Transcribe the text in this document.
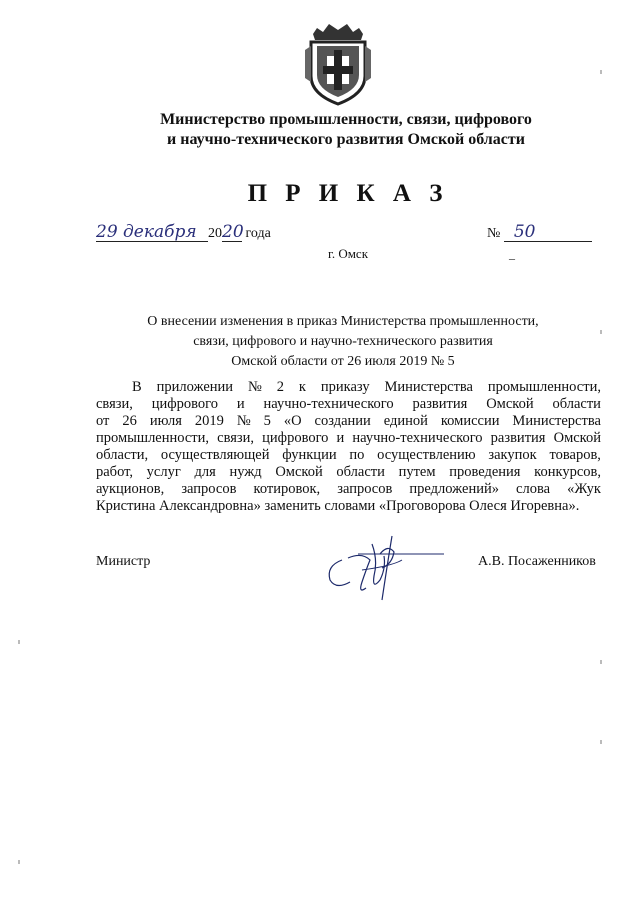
Министерство промышленности, связи, цифрового
и научно-технического развития Омской области
П Р И К А З
29 декабря 2020 года	№ 50
г. Омск	_
О внесении изменения в приказ Министерства промышленности,
связи, цифрового и научно-технического развития
Омской области от 26 июля 2019 № 5
В приложении № 2 к приказу Министерства промышленности,
связи, цифрового и научно-технического развития Омской области
от 26 июля 2019 № 5 «О создании единой комиссии Министерства
промышленности, связи, цифрового и научно-технического развития Омской
области, осуществляющей функции по осуществлению закупок товаров,
работ, услуг для нужд Омской области путем проведения конкурсов,
аукционов, запросов котировок, запросов предложений» слова «Жук
Кристина Александровна» заменить словами «Проговорова Олеся Игоревна».
Министр	А.В. Посаженников
